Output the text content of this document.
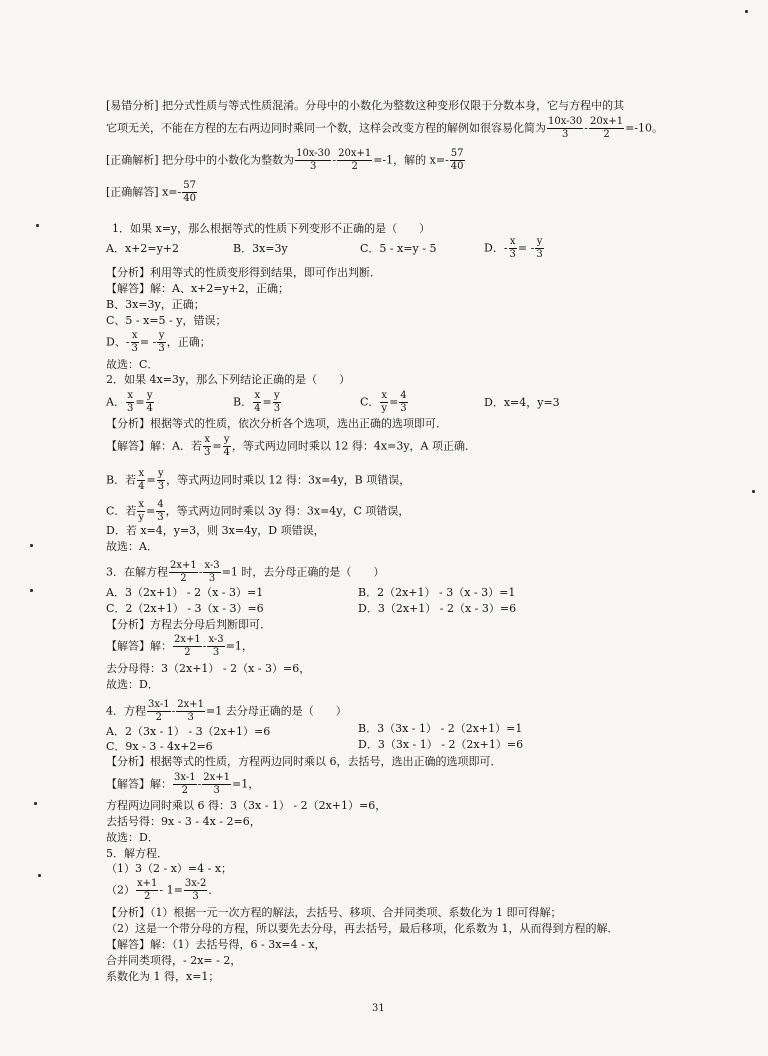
[易错分析] 把分式性质与等式性质混淆。分母中的小数化为整数这种变形仅限于分数本身，它与方程中的其
它项无关，不能在方程的左右两边同时乘同一个数，这样会改变方程的解例如很容易化简为 $\frac{10x-30}{3} - \frac{20x+1}{2} =-10$。
[正确解析] 把分母中的小数化为整数为 $\frac{10x-30}{3} - \frac{20x+1}{2} =-1$，解的 $x=- \frac{57}{40}$
[正确解答] $x=- \frac{57}{40}$
1．如果 x=y，那么根据等式的性质下列变形不正确的是（　　）
A．x+2=y+2	B．3x=3y	C．5 - x=y - 5	D．- $\frac{x}{3}$ = - $\frac{y}{3}$
【分析】利用等式的性质变形得到结果，即可作出判断．
【解答】解：A、x+2=y+2，正确；
B、3x=3y，正确；
C、5 - x=5 - y，错误；
D、- $\frac{x}{3}$ = - $\frac{y}{3}$ ，正确；
故选：C．
2．如果 4x=3y，那么下列结论正确的是（　　）
A． $\frac{x}{3} = \frac{y}{4}$	B． $\frac{x}{4} = \frac{y}{3}$	C． $\frac{x}{y} = \frac{4}{3}$	D．x=4，y=3
【分析】根据等式的性质，依次分析各个选项，选出正确的选项即可．
【解答】解：A．若 $\frac{x}{3} = \frac{y}{4}$ ，等式两边同时乘以 12 得：4x=3y，A 项正确．
B．若 $\frac{x}{4} = \frac{y}{3}$ ，等式两边同时乘以 12 得：3x=4y，B 项错误，
C．若 $\frac{x}{y} = \frac{4}{3}$ ，等式两边同时乘以 3y 得：3x=4y，C 项错误，
D．若 x=4，y=3，则 3x=4y，D 项错误，
故选：A．
3．在解方程 $\frac{2x+1}{2} - \frac{x-3}{3} =1$ 时，去分母正确的是（　　）
A．3（2x+1） - 2（x - 3）=1	B．2（2x+1） - 3（x - 3）=1
C．2（2x+1） - 3（x - 3）=6	D．3（2x+1） - 2（x - 3）=6
【分析】方程去分母后判断即可．
【解答】解： $\frac{2x+1}{2} - \frac{x-3}{3} =1$，
去分母得：3（2x+1） - 2（x - 3）=6，
故选：D．
4．方程 $\frac{3x-1}{2} - \frac{2x+1}{3} =1$ 去分母正确的是（　　）
A．2（3x - 1） - 3（2x+1）=6	B．3（3x - 1） - 2（2x+1）=1
C．9x - 3 - 4x+2=6	D．3（3x - 1） - 2（2x+1）=6
【分析】根据等式的性质，方程两边同时乘以 6，去括号，选出正确的选项即可．
【解答】解： $\frac{3x-1}{2} - \frac{2x+1}{3} =1$，
方程两边同时乘以 6 得：3（3x - 1） - 2（2x+1）=6，
去括号得：9x - 3 - 4x - 2=6，
故选：D．
5．解方程．
（1）3（2 - x）=4 - x；
$(2) \frac{x+1}{2} - 1= \frac{3x-2}{3}$ ．
【分析】（1）根据一元一次方程的解法，去括号、移项、合并同类项、系数化为 1 即可得解；
（2）这是一个带分母的方程，所以要先去分母，再去括号，最后移项，化系数为 1，从而得到方程的解．
【解答】解：（1）去括号得，6 - 3x=4 - x，
合并同类项得，- 2x= - 2，
系数化为 1 得，x=1；
31
